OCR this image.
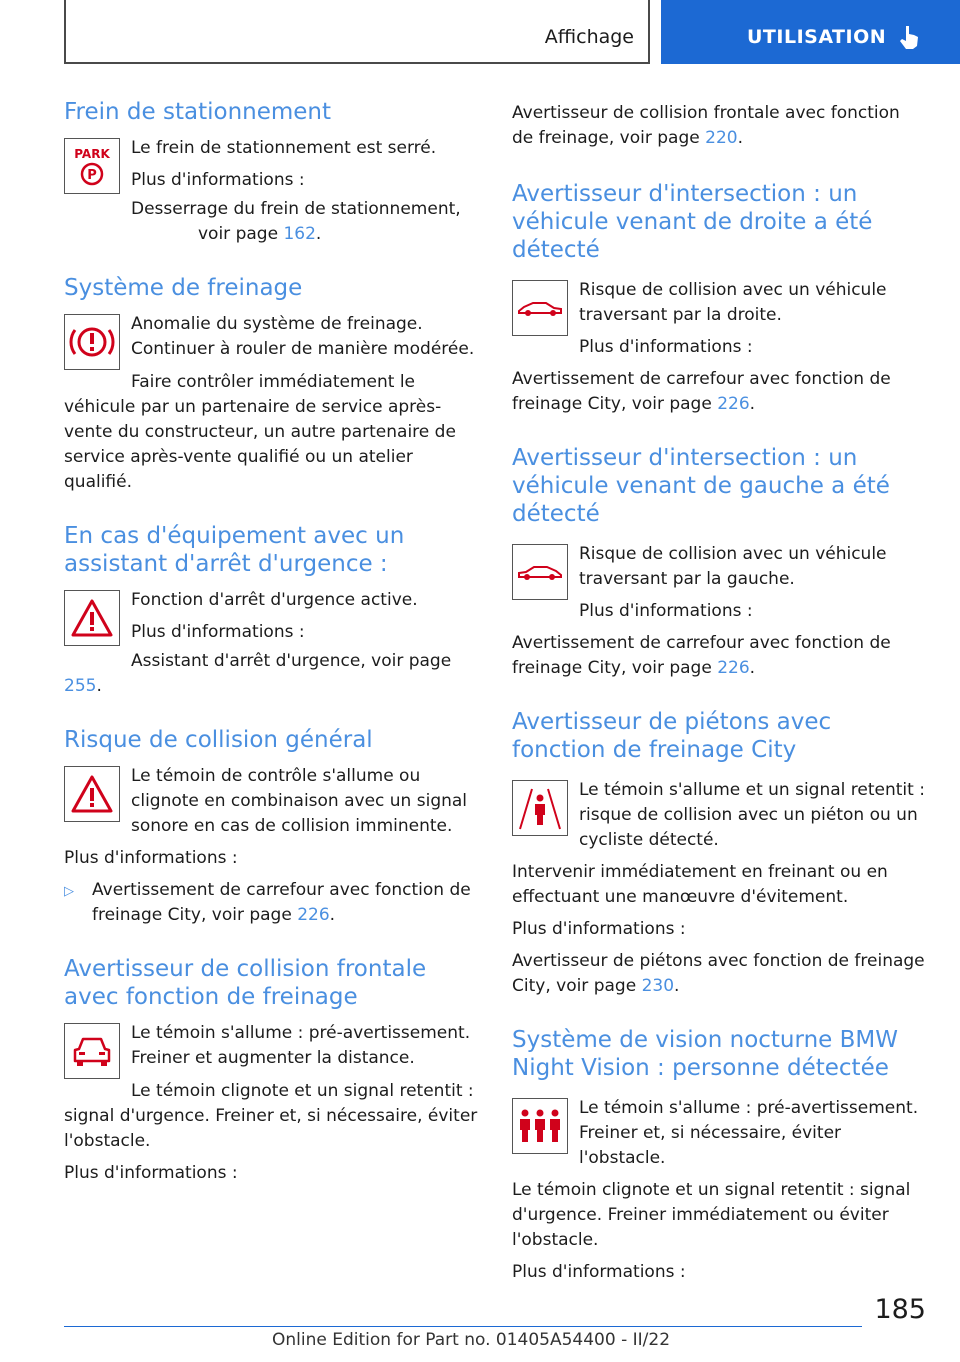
Affichage	UTILISATION
Frein de stationnement
PARK
P

Le frein de stationnement est serré.

Plus d'informations :

Desserrage du frein de stationnement, voir page 162.

Système de freinage

Anomalie du système de freinage. Continuer à rouler de manière modérée.

Faire contrôler immédiatement le véhicule par un partenaire de service après-vente du constructeur, un autre partenaire de service après-vente qualifié ou un atelier qualifié.

En cas d'équipement avec un assistant d'arrêt d'urgence :

Fonction d'arrêt d'urgence active.

Plus d'informations :

Assistant d'arrêt d'urgence, voir page 255.

Risque de collision général

Le témoin de contrôle s'allume ou clignote en combinaison avec un signal sonore en cas de collision imminente.

Plus d'informations :

▷	Avertissement de carrefour avec fonction de freinage City, voir page 226.
Avertisseur de collision frontale avec fonction de freinage

Le témoin s'allume : pré-avertissement. Freiner et augmenter la distance.

Le témoin clignote et un signal retentit : signal d'urgence. Freiner et, si nécessaire, éviter l'obstacle.

Plus d'informations :

Avertisseur de collision frontale avec fonction de freinage, voir page 220.

Avertisseur d'intersection : un véhicule venant de droite a été détecté

Risque de collision avec un véhicule traversant par la droite.

Plus d'informations :

Avertissement de carrefour avec fonction de freinage City, voir page 226.

Avertisseur d'intersection : un véhicule venant de gauche a été détecté

Risque de collision avec un véhicule traversant par la gauche.

Plus d'informations :

Avertissement de carrefour avec fonction de freinage City, voir page 226.

Avertisseur de piétons avec fonction de freinage City

Le témoin s'allume et un signal retentit : risque de collision avec un piéton ou un cycliste détecté.

Intervenir immédiatement en freinant ou en effectuant une manœuvre d'évitement.

Plus d'informations :

Avertisseur de piétons avec fonction de freinage City, voir page 230.

Système de vision nocturne BMW Night Vision : personne détectée

Le témoin s'allume : pré-avertissement. Freiner et, si nécessaire, éviter l'obstacle.

Le témoin clignote et un signal retentit : signal d'urgence. Freiner immédiatement ou éviter l'obstacle.

Plus d'informations :

185
Online Edition for Part no. 01405A54400 - II/22
